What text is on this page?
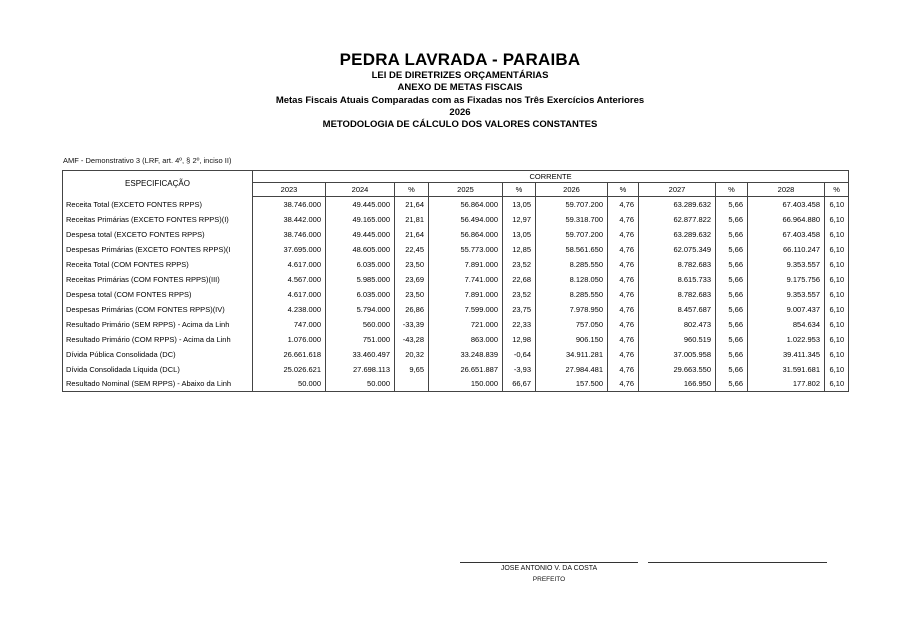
PEDRA LAVRADA - PARAIBA
LEI DE DIRETRIZES ORÇAMENTÁRIAS
ANEXO DE METAS FISCAIS
Metas Fiscais Atuais Comparadas com as Fixadas nos Três Exercícios Anteriores
2026
METODOLOGIA DE CÁLCULO DOS VALORES CONSTANTES
AMF - Demonstrativo 3 (LRF, art. 4º, § 2º, inciso II)
ESPECIFICAÇÃO	CORRENTE										
	2023	2024	%	2025	%	2026	%	2027	%	2028	%
Receita Total (EXCETO FONTES RPPS)	38.746.000	49.445.000	21,64	56.864.000	13,05	59.707.200	4,76	63.289.632	5,66	67.403.458	6,10
Receitas Primárias (EXCETO FONTES RPPS)(I)	38.442.000	49.165.000	21,81	56.494.000	12,97	59.318.700	4,76	62.877.822	5,66	66.964.880	6,10
Despesa total (EXCETO FONTES RPPS)	38.746.000	49.445.000	21,64	56.864.000	13,05	59.707.200	4,76	63.289.632	5,66	67.403.458	6,10
Despesas Primárias (EXCETO FONTES RPPS)(I	37.695.000	48.605.000	22,45	55.773.000	12,85	58.561.650	4,76	62.075.349	5,66	66.110.247	6,10
Receita Total (COM FONTES RPPS)	4.617.000	6.035.000	23,50	7.891.000	23,52	8.285.550	4,76	8.782.683	5,66	9.353.557	6,10
Receitas Primárias (COM FONTES RPPS)(III)	4.567.000	5.985.000	23,69	7.741.000	22,68	8.128.050	4,76	8.615.733	5,66	9.175.756	6,10
Despesa total (COM FONTES RPPS)	4.617.000	6.035.000	23,50	7.891.000	23,52	8.285.550	4,76	8.782.683	5,66	9.353.557	6,10
Despesas Primárias (COM FONTES RPPS)(IV)	4.238.000	5.794.000	26,86	7.599.000	23,75	7.978.950	4,76	8.457.687	5,66	9.007.437	6,10
Resultado Primário (SEM RPPS) - Acima da Linh	747.000	560.000	-33,39	721.000	22,33	757.050	4,76	802.473	5,66	854.634	6,10
Resultado Primário (COM RPPS) - Acima da Linh	1.076.000	751.000	-43,28	863.000	12,98	906.150	4,76	960.519	5,66	1.022.953	6,10
Dívida Pública Consolidada (DC)	26.661.618	33.460.497	20,32	33.248.839	-0,64	34.911.281	4,76	37.005.958	5,66	39.411.345	6,10
Dívida Consolidada Líquida (DCL)	25.026.621	27.698.113	9,65	26.651.887	-3,93	27.984.481	4,76	29.663.550	5,66	31.591.681	6,10
Resultado Nominal (SEM RPPS) - Abaixo da Linh	50.000	50.000		150.000	66,67	157.500	4,76	166.950	5,66	177.802	6,10
JOSE ANTONIO V. DA COSTA
PREFEITO
